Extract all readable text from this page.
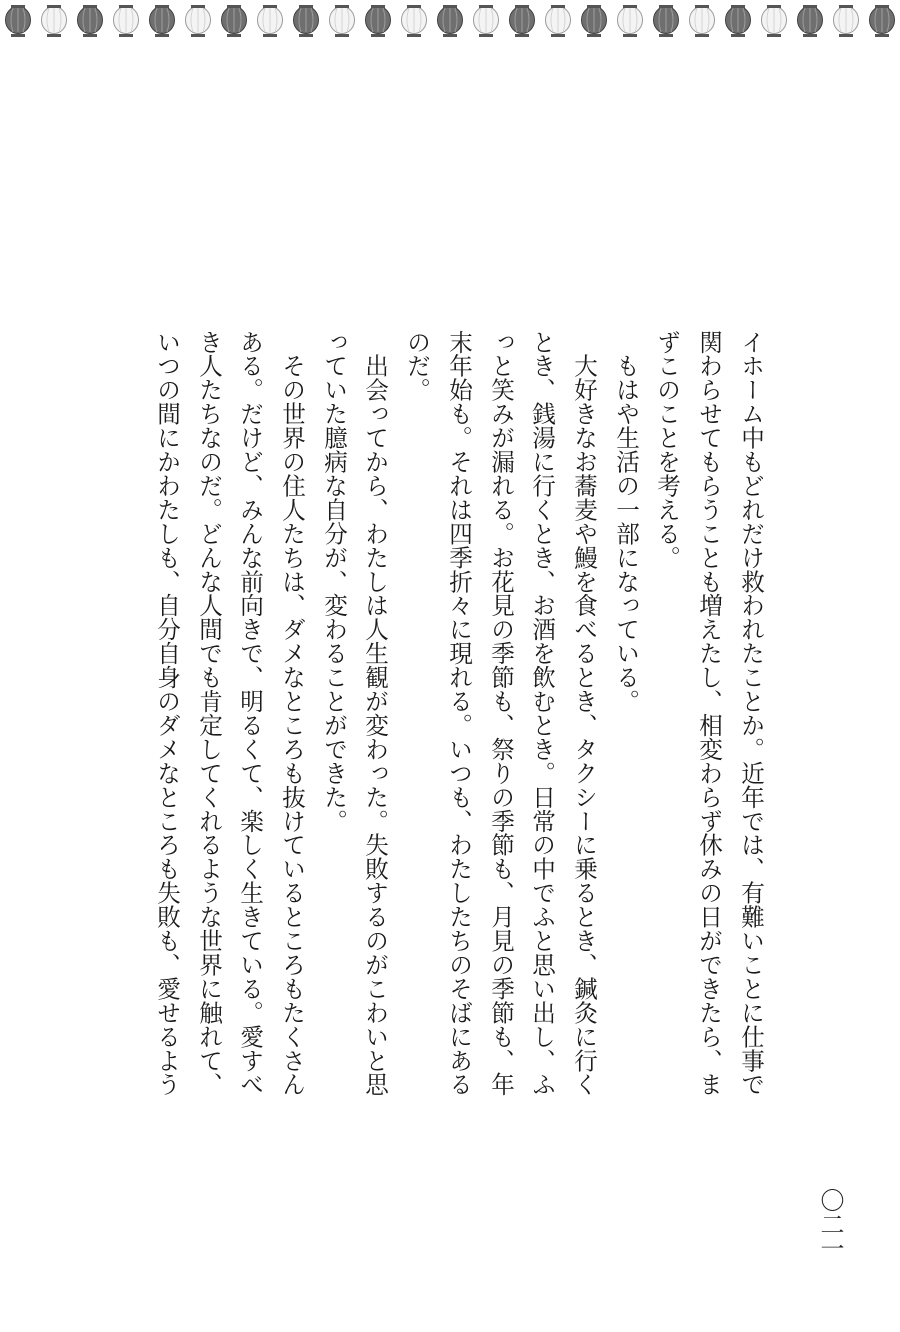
イホーム中もどれだけ救われたことか。近年では、有難いことに仕事で
関わらせてもらうことも増えたし、相変わらず休みの日ができたら、ま
ずこのことを考える。
　もはや生活の一部になっている。
　大好きなお蕎麦や鰻を食べるとき、タクシーに乗るとき、鍼灸に行く
とき、銭湯に行くとき、お酒を飲むとき。日常の中でふと思い出し、ふ
っと笑みが漏れる。お花見の季節も、祭りの季節も、月見の季節も、年
末年始も。それは四季折々に現れる。いつも、わたしたちのそばにある
のだ。
　出会ってから、わたしは人生観が変わった。失敗するのがこわいと思
っていた臆病な自分が、変わることができた。
　その世界の住人たちは、ダメなところも抜けているところもたくさん
ある。だけど、みんな前向きで、明るくて、楽しく生きている。愛すべ
き人たちなのだ。どんな人間でも肯定してくれるような世界に触れて、
いつの間にかわたしも、自分自身のダメなところも失敗も、愛せるよう
〇二一
